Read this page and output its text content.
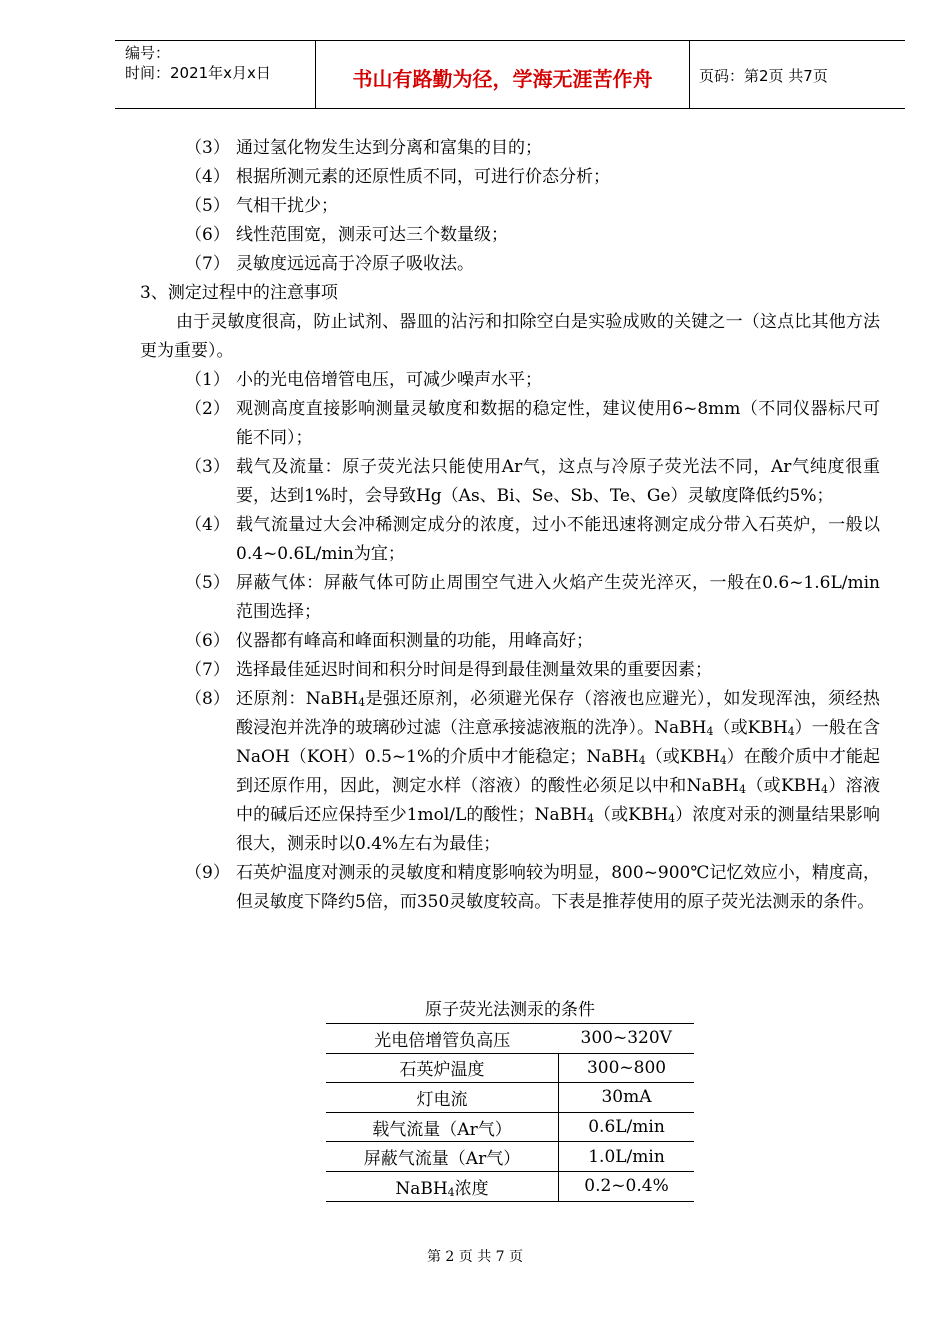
编号：
时间：2021年x月x日	书山有路勤为径，学海无涯苦作舟	页码：第2页 共7页
（3） 通过氢化物发生达到分离和富集的目的；
（4） 根据所测元素的还原性质不同，可进行价态分析；
（5） 气相干扰少；
（6） 线性范围宽，测汞可达三个数量级；
（7） 灵敏度远远高于冷原子吸收法。
3、测定过程中的注意事项
由于灵敏度很高，防止试剂、器皿的沾污和扣除空白是实验成败的关键之一（这点比其他方法更为重要）。
（1） 小的光电倍增管电压，可减少噪声水平；
（2） 观测高度直接影响测量灵敏度和数据的稳定性，建议使用6~8mm（不同仪器标尺可能不同）；
（3） 载气及流量：原子荧光法只能使用Ar气，这点与冷原子荧光法不同，Ar气纯度很重要，达到1%时，会导致Hg（As、Bi、Se、Sb、Te、Ge）灵敏度降低约5%；
（4） 载气流量过大会冲稀测定成分的浓度，过小不能迅速将测定成分带入石英炉，一般以0.4~0.6L/min为宜；
（5） 屏蔽气体：屏蔽气体可防止周围空气进入火焰产生荧光淬灭，一般在0.6~1.6L/min范围选择；
（6） 仪器都有峰高和峰面积测量的功能，用峰高好；
（7） 选择最佳延迟时间和积分时间是得到最佳测量效果的重要因素；
（8） 还原剂：NaBH$_4$是强还原剂，必须避光保存（溶液也应避光），如发现浑浊，须经热酸浸泡并洗净的玻璃砂过滤（注意承接滤液瓶的洗净）。NaBH$_4$（或$KBH_4$）一般在含NaOH（KOH）0.5~1%的介质中才能稳定；NaBH$_4$（或$KBH_4$）在酸介质中才能起到还原作用，因此，测定水样（溶液）的酸性必须足以中和NaBH$_4$（或$KBH_4$）溶液中的碱后还应保持至少1mol/L的酸性；NaBH$_4$（或$KBH_4$）浓度对汞的测量结果影响很大，测汞时以0.4%左右为最佳；
（9） 石英炉温度对测汞的灵敏度和精度影响较为明显，800~900℃记忆效应小，精度高，但灵敏度下降约5倍，而350灵敏度较高。下表是推荐使用的原子荧光法测汞的条件。
原子荧光法测汞的条件
光电倍增管负高压	300~320V
石英炉温度	300~800
灯电流	30mA
载气流量（Ar气）	0.6L/min
屏蔽气流量（Ar气）	1.0L/min
NaBH$_4$浓度	0.2~0.4%
第 2 页 共 7 页
